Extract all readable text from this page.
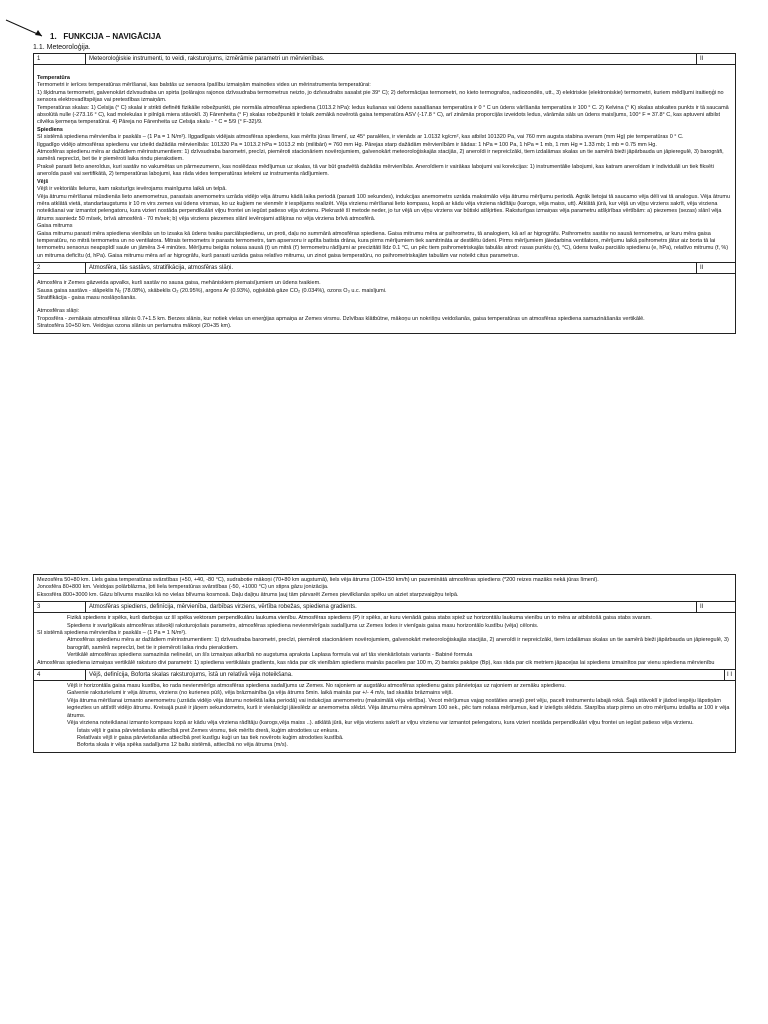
1.   FUNKCIJA – NAVIGĀCIJA
1.1. Meteoroloģija.
1	Meteoroloģiskie instrumenti, to veidi, raksturojums, izmērāmie parametri un mērvienības.	II

Temperatūra

Termometri ir ierīces temperatūras mērīšanai, kas balstās uz sensora īpašību izmaiņām mainoties vides un mērinstrumenta temperatūrai:

1) šķidruma termometri, galvenokārt dzīvsudraba un spirta (polārajos rajonos dzīvsudraba termometrus neizto, jo dzīvsudrabs sasalst pie 39° C); 2) deformācijas termometri, no kieto termografos, radiozondēs, utt., 3) elektriskie (elektroniskie) termometri, kuriem mēdījumi iraitieņģi no sensora elektrovadītspējas vai pretestības izmaiņām.

Temperatūras skalas: 1) Celsija (° C) skalai ir strikti definēti fizikālie robežpunkti, pie normāla atmosfēras spiediena (1013.2 hPa): ledus kušanas vai ūdens sasalšanas temperatūra ir 0 ° C un ūdens vārīšanās temperatūra ir 100 ° C. 2) Kelvina (° K) skalas atskaites punkts ir tā saucamā absolūtā nulle (-273.16 ° C), kad molekulas ir pilnīgā miera stāvoklī. 3) Fārenheita (° F) skalas robežpunkti ir tolaik zemākā novērotā gaisa temperatūra ASV (-17.8 ° C), arī zināmās proporcijās izveidots ledus, vārāmās sāls un ūdens maisījums, 100° F = 37.8° C, kas aptuveni atbilst cilvēka ķermeņa temperatūrai. 4) Pāreja no Fārenheita uz Celsija skalu - ° C = 5/9 (° F-32)/9.

Spiediens

SI sistēmā spiediena mērvienība ir paskāls – (1 Pa = 1 N/m²). Ilggadīgais vidējais atmosfēras spiediens, kas mērīts jūras līmenī, uz 45° paralēles, ir vienāds ar 1.0132 kg/cm², kas atbilst 101320 Pa, vai 760 mm augsta stabina sveram (mm Hg) pie temperatūras 0 ° C.

Ilggadīgo vidējo atmosfēras spiedienu var izteikt dažādās mērvienībās: 101320 Pa = 1013.2 hPa = 1013.2 mb (milibāri) = 760 mm Hg. Pārejas starp dažādām mērvienībām ir šādas: 1 hPa = 100 Pa, 1 hPa = 1 mb, 1 mm Hg = 1.33 mb; 1 mb = 0.75 mm Hg.

Atmosfēras spiedienu mēra ar dažādiem mērinstrumentiem: 1) dzīvsudraba barometri, precīzi, piemēroti stacionāriem novērojumiem, galvenokārt meteoroloģiskajās stacijās, 2) aneroīdi ir nepreicīzāki, tiem izdalāmas skalas un tie samērā bieži jāpārbauda un jāpieregulē, 3) barogrāfi, samērā neprecīzi, bet tie ir piemēroti laika rindu pierakstiem.

Praksē parasti lieto aneroīdus, kuri sastāv no vakumētas un pārmezumenn, kas noslēdzas mēdījumus uz skalas, tā var būt gradvētā dažādās mērvienībās. Aneroīdiem ir vairākas labojumi vai korekcijas: 1) instrumentālie labojumi, kas katram aneroīdam ir individuāli un tiek fiksēti aneroīda pasē vai sertifikātā, 2) temperatūras labojumi, kas rāda vides temperatūras ietekmi uz instrumenta rādījumiem.

Vējš

Vējš ir vektoriāls lielums, kam raksturīgs ievērojams mainīgums laikā un telpā.

Vēja ātrumu mērīšanai mūsdienās lieto anemometrus, parastais anemometrs uzrāda vidējo vēja ātrumu kādā laika periodā (parasti 100 sekundes), indukcijas anemometrs uzrāda maksimālo vēja ātrumu mērījumu periodā. Agrāk lietojai tā saucamo vēja dēli vai tā analogus. Vēja ātrumu mēra atklātā vietā, standartaugstums ir 10 m virs zemes vai ūdens virsmas, ko uz kuģiem ne vienmēr ir iespējams realizēt. Vēja virzienu mērīšanai lieto kompasu, kopā ar kādu vēja virziena rādītāju (karogs, vēja maiss, utt). Atklātā jūrā, kur vējā un viļņu virziens sakrīt, vēja virziena noteikšanai var izmantot pelengatoru, kura vizieri nostāda perpendikulāri viļņu frontei un iegūst patieso vēja virzienu. Piekrastē šī metode neder, jo tur vējā un viļņu virziens var būtiski atšķirties. Raksturīgas izmaiņas vēja parametru atšķirības vērtībām: a) piezemes (sezas) slānī vēja ātrums sasniedz 50 m/sek, brīvā atmosfērā - 70 m/sek; b) vēja virziens piezemes slānī ievērojami atšķiras no vēja virziena brīvā atmosfērā.

Gaisa mitrums

Gaisa mitrumu parasti mēra spiediena vienībās un to izsaka kā ūdens tvaiku parciālspiedienu, un proti, daļu no summārā atmosfēras spiediena. Gaisa mitrumu mēra ar psihrometru, tā analogiem, kā arī ar higrogrāfu. Psihrometrs sastāv no sausā termometra, ar kuru mēra gaisa temperatūru, no mitrā termometra un no ventilatora. Mitrais termometrs ir parasts termometrs, tam apsersoru ir aptīta batista drāna, kura pirms mērījumiem tiek samitrināta ar destilētu ūdeni. Pirms mērījumiem jāiedarbina ventilators, mērījumu laikā psihrometrs jātur aiz borta tā lai termometru sensorus neapspīdī saule un jāmēra 3-4 minūtes. Mērījumu beigās nolasa sausā (t) un mitrā (t') termometru rādījumi ar precizitāti līdz 0.1 °C, un pēc tiem psihrometriskajās tabulās atrod: rasas punktu (τ), °C), ūdens tvaiku parciālo spiedienu (e, hPa), relatīvo mitrumu (f, %) un mitruma deficītu (d, hPa). Gaisa mitrumu mēra arī ar higrogrāfu, kurš parasti uzrāda gaisa relatīvo mitrumu, un zinot gaisa temperatūru, no psihrometriskajām tabulām var noteikt citus parametrus.

2	Atmosfēra, tās sastāvs, stratifikācija, atmosfēras slāņi.	II

Atmosfēra ir Zemes gāzveida apvalks, kurš sastāv no sausa gaisa, mehāniskiem piemaisījumiem un ūdens tvaikiem.

Sausa gaisa sastāvs - slāpeklis N₂ (78.08%), skābeklis O₂ (20.95%), argons Ar (0.93%), ogļskābā gāze CO₂ (0.034%), ozons O₃ u.c. maisījumi.

Stratifikācija - gaisa masu noslāņošanās.

Atmosfēras slāņi:

Troposfēra - zemākais atmosfēras slānis 0.7+1.5 km. Berzes slānis, kur notiek vielas un enerģijas apmaiņa ar Zemes virsmu. Dzīvības klātbūtne, mākoņu un nokrišņu veidošanās, gaisa temperatūras un atmosfēras spiediena samazināšanās vertikālē.

Stratosfēra 10+50 km. Veidojas ozona slānis un perlamutra mākoņi (20+35 km).

Mezosfēra 50+80 km. Liels gaisa temperatūras svārstības (+50, +40, -80 °C), sudrabotie mākoņi (70+80 km augstumā), liels vēja ātrums (100+150 km/h) un pazeminātā atmosfēras spiediens (*200 reizes mazāks nekā jūras līmenī).

Jonosfēra 80+800 km. Veidojas polārblāzma, ļoti liela temperatūras svārstības (-50, +1000 °C) un stipra gāzu jonizācija.

Eksosfēra 800+3000 km. Gāzu blīvums mazāks kā no vielas blīvuma kosmosā. Daļu daļiņu ātrums ļauj tām pārvarēt Zemes pievilkšanās spēku un aiziet starpzvaigžņu telpā.

3	Atmosfēras spiediens, definīcija, mērvienība, darbības virziens, vērtība robežas, spiediena gradients.	II

Fizikā spiediens ir spēks, kurš darbojas uz šī spēka vektoram perpendikulāru laukuma vienību. Atmosfēras spiediens (P) ir spēks, ar kuru vienādā gaisa stabs spiež uz horizontālu laukuma vienību un to mēra ar atbilstošā gaisa stabs svaram.

Spiediens ir svarīgākais atmosfēras stāvokļi raksturojošais parametrs, atmosfēras spiediena nevienmērīgais sadalījums uz Zemes lodes ir vienīgais gaisa masu horizontālo kustību (vēja) cēlonis.

SI sistēmā spiediena mērvienība ir paskāls – (1 Pa = 1 N/m²).

Atmosfēras spiedienu mēra ar dažādiem mērinstrumentiem: 1) dzīvsudraba barometri, precīzi, piemēroti stacionāriem novērojumiem, galvenokārt meteoroloģiskajās stacijās, 2) aneroīdi ir nepreicīzāki, tiem izdalāmas skalas un tie samērā bieži jāpārbauda un jāpieregulē, 3) barogrāfi, samērā neprecīzi, bet tie ir piemēroti laika rindu pierakstiem.

Vertikālē atmosfēras spiediens samazinās nelineāri, un šīs izmaiņas atkarībā no augstuma apraksta Laplasa formula vai arī tās vienkāršotais variants - Babiné formula

Atmosfēras spiediena izmaiņas vertikālē raksturo divi parametri: 1) spiediena vertikālais gradients, kas rāda par cik vienībām spiediens mainās pacelies par 100 m, 2) barisks pakāpe (Bp), kas rāda par cik metriem jāpaceļas lai spiediens izmainītos par vienu spiediena mērvienību

4	Vējš, definīcija, Boforta skalas raksturojums, īstā un relatīvā vēja noteikšana.	I I

Vējš ir horizontāla gaisa masu kustība, ko rada nevienmērīgs atmosfēras spiediena sadalījums uz Zemes. No rajoniem ar augstāku atmosfēras spiedienu gaiss pārvietojas uz rajoniem ar zemāku spiedienu.

Galvenie raksturielumi ir vēja ātrums, virziens (no kurienes pūš), vēja brāzmainība (ja vēja ātrums 5min. laikā mainās par +/- 4 m/s, tad skaitās brāzmains vējš.

Vēja ātruma mērīšanai izmanto anemometru (uzrāda vidējo vēja ātrumu noteiktā laika periodā) vai indukcijas anemometru (maksimālā vēja vērtība). Vecot mērījumus vajag nostāties arsejū pret vēju, pacelt instrumentu labajā rokā. Šajā stāvoklī ir jādod iespēju lāpstiņām iegriezties un attīstīt vidējo ātrumu. Kreisajā pusē ir jāņem sekundometrs, kurš ir vienlaicīgi jāieslēdz ar anemometra slēdzi. Vēja ātrumu mēra apmēram 100 sek., pēc tam nolasa mērījumus, kad ir iziešgts slēdzis. Starpība starp pirmo un otro mērījumu izdalīta ar 100 ir vēja ātrums.

Vēja virziena noteikšanai izmanto kompasu kopā ar kādu vēja virziena rādītāju (karogs,vēja maiss ..). atklātā jūrā, kur vēja virziens sakrīt ar viļņu virzienu var izmantot pelengatoru, kura vizieri nostāda perpendikulāri viļņu frontei un iegūst patieso vēja virzienu.

Īstais vējš ir gaisa pārvietošanās attiecībā pret Zemes virsmu, tiek mērīts drerā, kuģim atrodoties uz enkura.

Relatīvais vējš ir gaisa pārvietošanās attiecībā pret kustīgu kuģi un tas tiek novērots kuģim atrodoties kustībā.

Boforta skala ir vēja spēka sadalījums 12 ballu sistēmā, attiecībā no vēja ātruma (m/s).
